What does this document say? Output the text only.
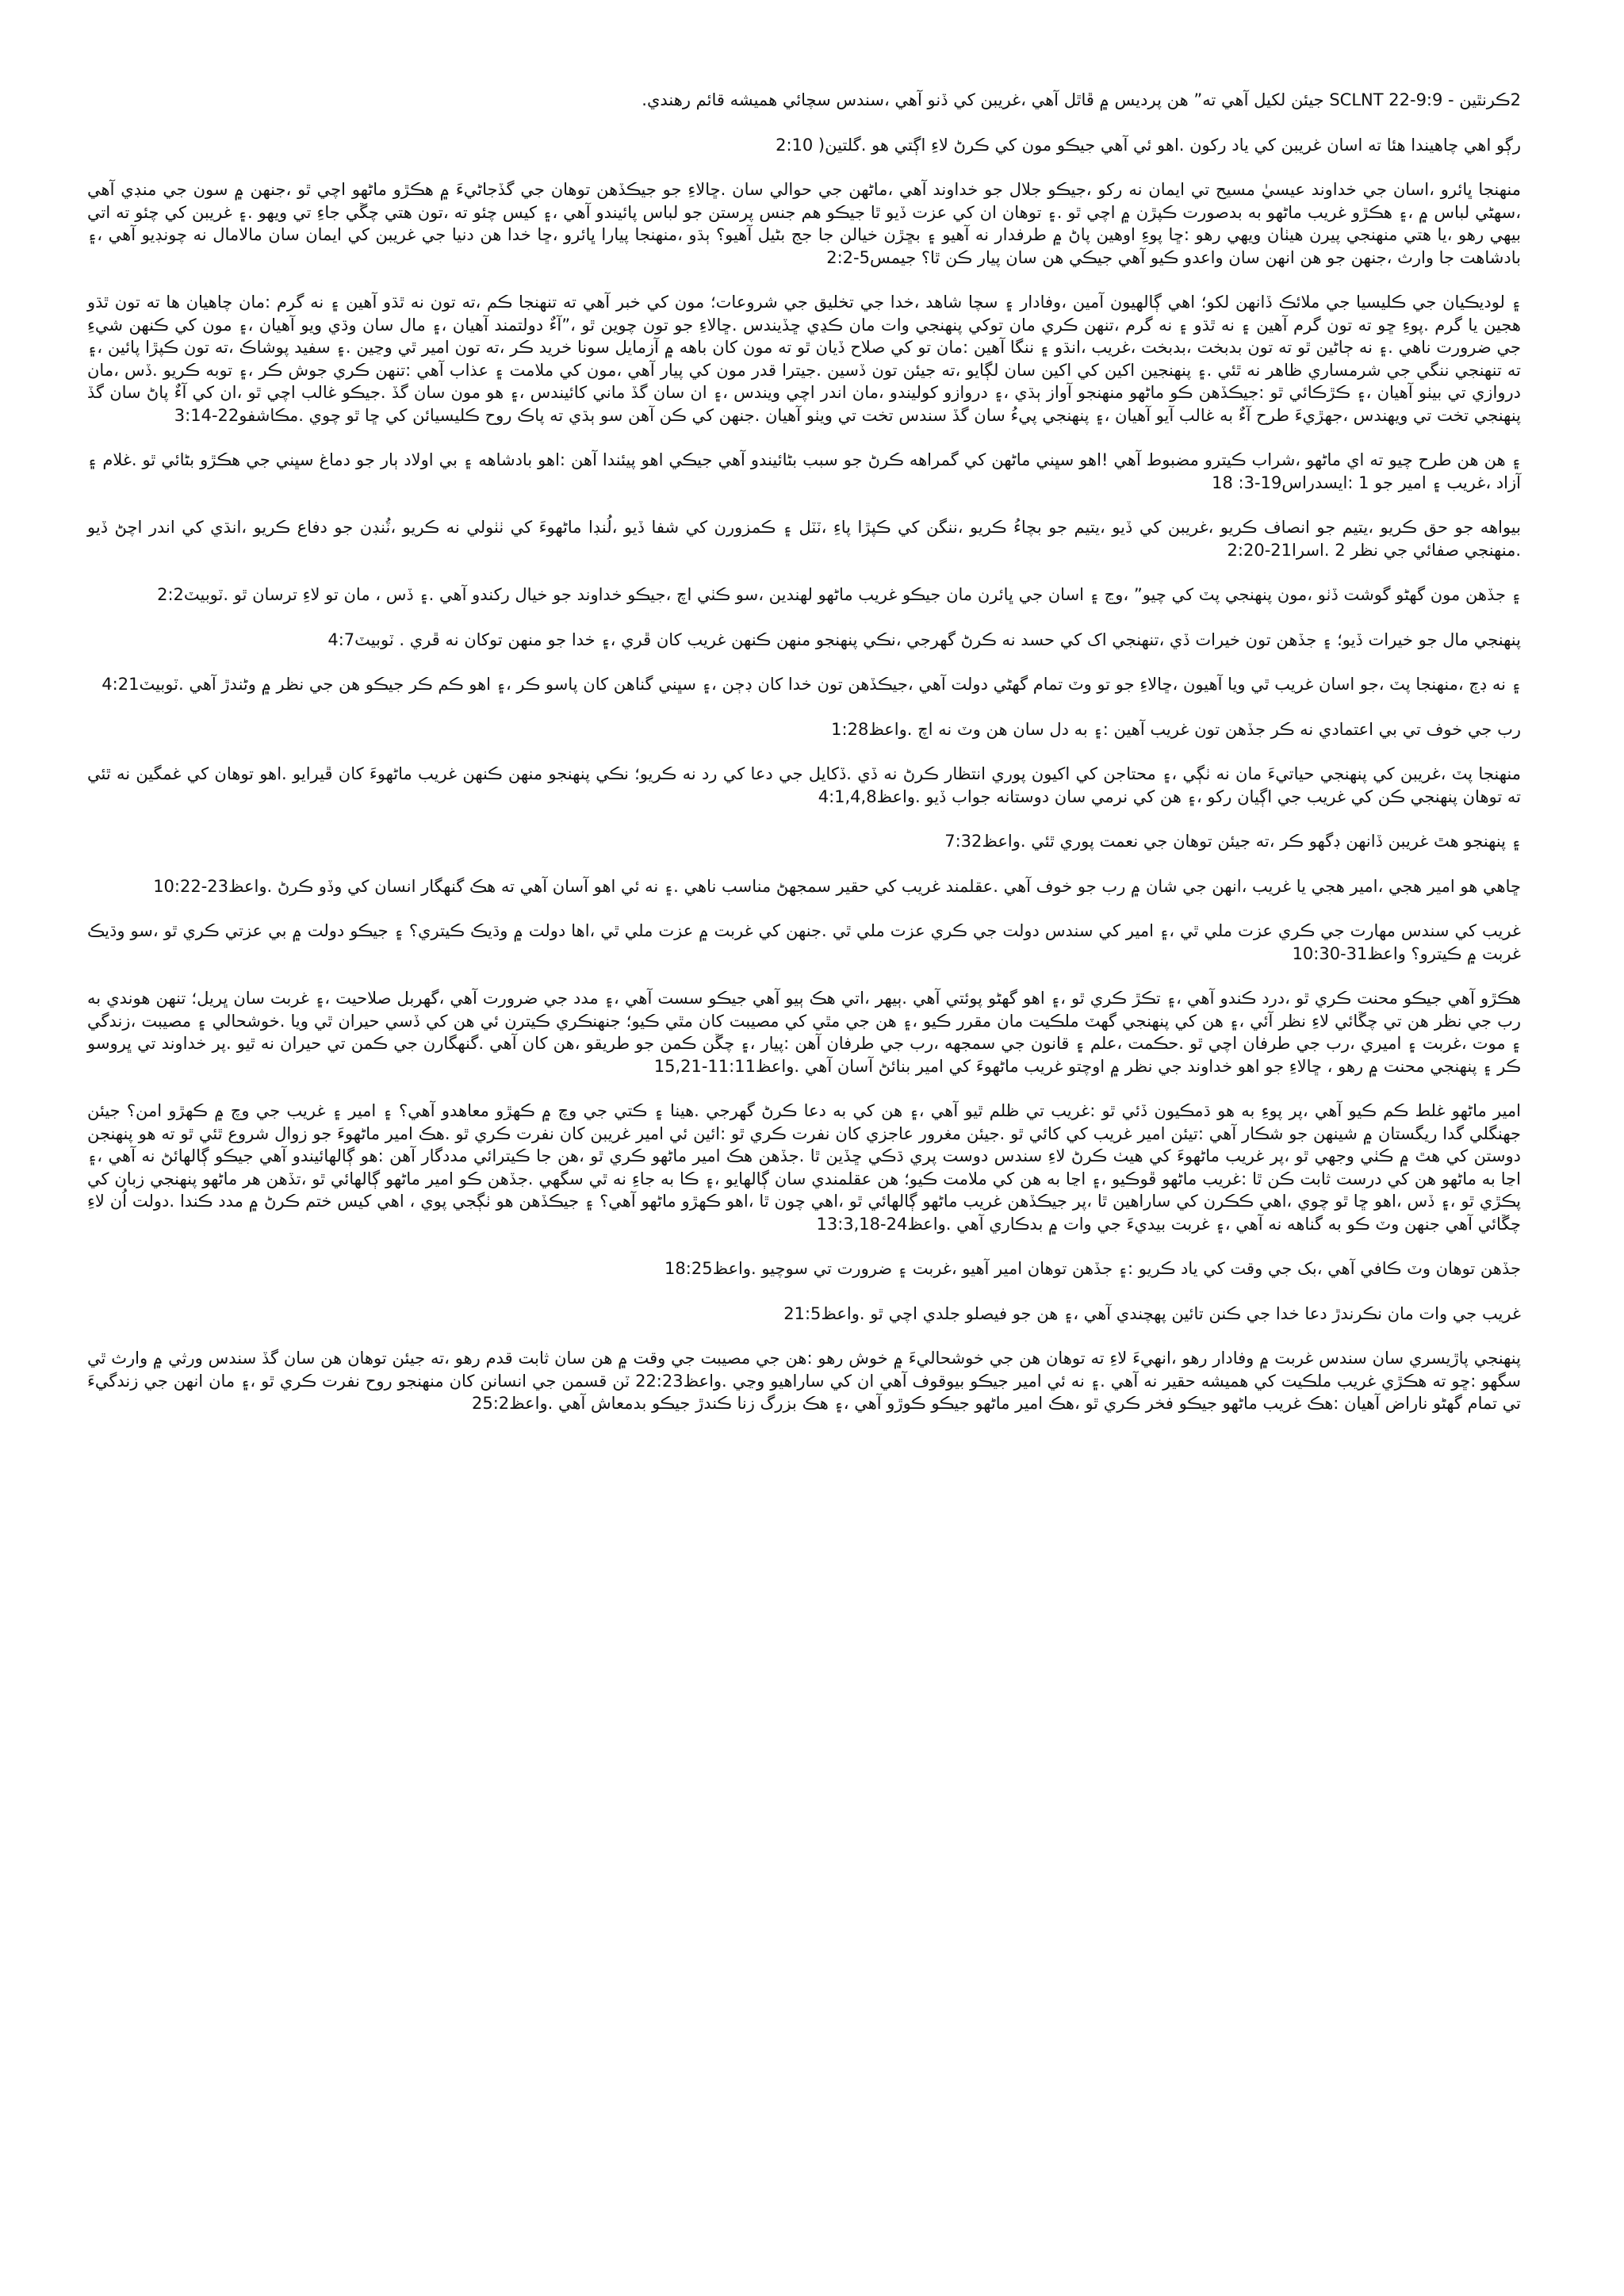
2ڪرنٿين - 9:9-22 SCLNT جيئن لکيل آهي ته” هن پرديس ۾ ڦاٿل آهي ،غريبن کي ڏنو آهي ،سندس سچائي هميشه قائم رهندي.

رڳو اهي چاهيندا هئا ته اسان غريبن کي ياد رکون .اهو ئي آهي جيڪو مون کي ڪرڻ لاءِ اڳتي هو .گلتين( 2:10

منهنجا ڀائرو ،اسان جي خداوند عيسيٰ مسيح تي ايمان نه رکو ،جيڪو جلال جو خداوند آهي ،ماڻهن جي حوالي سان .ڇالاءِ جو جيڪڏهن توهان جي گڏجاڻيءَ ۾ هڪڙو ماڻهو اچي ٿو ،جنهن ۾ سون جي منڊي آهي ،سهڻي لباس ۾ ،۽ هڪڙو غريب ماڻهو به بدصورت ڪپڙن ۾ اچي ٿو .۽ توهان ان کي عزت ڏيو ٿا جيڪو هم جنس پرستن جو لباس پائيندو آهي ،۽ کيس چئو ته ،تون هتي چڱي جاءِ تي ويهو .۽ غريبن کي چئو ته اتي بيهي رهو ،يا هتي منهنجي پيرن هيٺان ويهي رهو :ڇا پوءِ اوهين پاڻ ۾ طرفدار نه آهيو ۽ بڇڙن خيالن جا جج بڻيل آهيو؟ ٻڌو ،منهنجا پيارا ڀائرو ،ڇا خدا هن دنيا جي غريبن کي ايمان سان مالامال نه چونڊيو آهي ،۽ بادشاهت جا وارث ،جنهن جو هن انهن سان واعدو ڪيو آهي جيڪي هن سان پيار ڪن ٿا؟ جيمس5-2:2

۽ لوديڪيان جي ڪليسيا جي ملائڪ ڏانهن لکو؛ اهي ڳالهيون آمين ،وفادار ۽ سچا شاهد ،خدا جي تخليق جي شروعات؛ مون کي خبر آهي ته تنهنجا ڪم ،ته تون نه ٿڌو آهين ۽ نه گرم :مان چاهيان ها ته تون ٿڌو هجين يا گرم .پوءِ ڇو ته تون گرم آهين ۽ نه ٿڌو ۽ نه گرم ،تنهن ڪري مان توکي پنهنجي وات مان ڪڍي ڇڏيندس .ڇالاءِ جو تون چوين ٿو ،”آءٌ دولتمند آهيان ،۽ مال سان وڌي ويو آهيان ،۽ مون کي ڪنهن شيءِ جي ضرورت ناهي .۽ نه ڄاڻين ٿو ته تون بدبخت ،بدبخت ،غريب ،انڌو ۽ ننگا آهين :مان تو کي صلاح ڏيان ٿو ته مون کان باهه ۾ آزمايل سونا خريد ڪر ،ته تون امير ٿي وڃين .۽ سفيد پوشاڪ ،ته تون ڪپڙا پائين ،۽ ته تنهنجي ننگي جي شرمساري ظاهر نه ٿئي .۽ پنهنجين اکين کي اکين سان لڳايو ،ته جيئن تون ڏسين .جيترا قدر مون کي پيار آهي ،مون کي ملامت ۽ عذاب آهي :تنهن ڪري جوش ڪر ،۽ توبه ڪريو .ڏس ،مان دروازي تي بيٺو آهيان ،۽ ڪڙڪائي ٿو :جيڪڏهن ڪو ماڻهو منهنجو آواز ٻڌي ،۽ دروازو کوليندو ،مان اندر اچي ويندس ،۽ ان سان گڏ ماني کائيندس ،۽ هو مون سان گڏ .جيڪو غالب اچي ٿو ،ان کي آءٌ پاڻ سان گڏ پنهنجي تخت تي ويهندس ،جهڙيءَ طرح آءٌ به غالب آيو آهيان ،۽ پنهنجي پيءُ سان گڏ سندس تخت تي ويٺو آهيان .جنهن کي ڪن آهن سو ٻڌي ته پاڪ روح ڪليسيائن کي ڇا ٿو چوي .مڪاشفو22-3:14

۽ هن هن طرح چيو ته اي ماڻهو ،شراب ڪيترو مضبوط آهي !اهو سڀني ماڻهن کي گمراهه ڪرڻ جو سبب بڻائيندو آهي جيڪي اهو پيئندا آهن :اهو بادشاهه ۽ بي اولاد ٻار جو دماغ سڀني جي هڪڙو بڻائي ٿو .غلام ۽ آزاد ،غريب ۽ امير جو 1 :ايسدراس19-3: 18

بيواهه جو حق ڪريو ،يتيم جو انصاف ڪريو ،غريبن کي ڏيو ،يتيم جو بچاءُ ڪريو ،ننگن کي ڪپڙا پاءِ ،ٽٽل ۽ ڪمزورن کي شفا ڏيو ،لُنڊا ماڻهوءَ کي ٺٺولي نه ڪريو ،ٽُنڊن جو دفاع ڪريو ،انڌي کي اندر اچڻ ڏيو .منهنجي صفائي جي نظر 2 .اسرا21-2:20

۽ جڏهن مون گهڻو گوشت ڏٺو ،مون پنهنجي پٽ کي چيو” ،وڃ ۽ اسان جي ڀائرن مان جيڪو غريب ماڻهو لهندين ،سو ڪٺي اچ ،جيڪو خداوند جو خيال رکندو آهي .۽ ڏس ، مان تو لاءِ ترسان ٿو .ٽوبيٽ2:2

پنهنجي مال جو خيرات ڏيو؛ ۽ جڏهن تون خيرات ڏي ،تنهنجي اک کي حسد نه ڪرڻ گهرجي ،نڪي پنهنجو منهن ڪنهن غريب کان ڦري ،۽ خدا جو منهن توکان نه ڦري . ٽوبيٽ4:7

۽ نه ڊڄ ،منهنجا پٽ ،جو اسان غريب ٿي ويا آهيون ،ڇالاءِ جو تو وٽ تمام گهڻي دولت آهي ،جيڪڏهن تون خدا کان ڊڄن ،۽ سڀني گناهن کان پاسو ڪر ،۽ اهو ڪم ڪر جيڪو هن جي نظر ۾ وڻندڙ آهي .ٽوبيٽ4:21

رب جي خوف تي بي اعتمادي نه ڪر جڏهن تون غريب آهين :۽ به دل سان هن وٽ نه اچ .واعظ1:28

منهنجا پٽ ،غريبن کي پنهنجي حياتيءَ مان نه ٺڳي ،۽ محتاجن کي اکيون پوري انتظار ڪرڻ نه ڏي .ڏکايل جي دعا کي رد نه ڪريو؛ نڪي پنهنجو منهن ڪنهن غريب ماڻهوءَ کان ڦيرايو .اهو توهان کي غمگين نه ٿئي ته توهان پنهنجي ڪن کي غريب جي اڳيان رکو ،۽ هن کي نرمي سان دوستانه جواب ڏيو .واعظ4:1,4,8

۽ پنهنجو هٿ غريبن ڏانهن ڊگهو ڪر ،ته جيئن توهان جي نعمت پوري ٿئي .واعظ7:32

ڇاهي هو امير هجي ،امير هجي يا غريب ،انهن جي شان ۾ رب جو خوف آهي .عقلمند غريب کي حقير سمجهڻ مناسب ناهي .۽ نه ئي اهو آسان آهي ته هڪ گنهگار انسان کي وڏو ڪرڻ .واعظ23-10:22

غريب کي سندس مهارت جي ڪري عزت ملي ٿي ،۽ امير کي سندس دولت جي ڪري عزت ملي ٿي .جنهن کي غربت ۾ عزت ملي ٿي ،اها دولت ۾ وڌيڪ ڪيتري؟ ۽ جيڪو دولت ۾ بي عزتي ڪري ٿو ،سو وڌيڪ غربت ۾ ڪيترو؟ واعظ31-10:30

هڪڙو آهي جيڪو محنت ڪري ٿو ،درد ڪندو آهي ،۽ تڪڙ ڪري ٿو ،۽ اهو گهڻو پوئتي آهي .ٻيهر ،اتي هڪ ٻيو آهي جيڪو سست آهي ،۽ مدد جي ضرورت آهي ،گهربل صلاحيت ،۽ غربت سان ڀريل؛ تنهن هوندي به رب جي نظر هن تي چڱائي لاءِ نظر آئي ،۽ هن کي پنهنجي گهٽ ملڪيت مان مقرر ڪيو ،۽ هن جي مٿي کي مصيبت کان مٿي ڪيو؛ جنهنڪري ڪيترن ئي هن کي ڏسي حيران ٿي ويا .خوشحالي ۽ مصيبت ،زندگي ۽ موت ،غربت ۽ اميري ،رب جي طرفان اچي ٿو .حڪمت ،علم ۽ قانون جي سمجهه ،رب جي طرفان آهن :پيار ،۽ چڱن ڪمن جو طريقو ،هن کان آهي .گنهگارن جي ڪمن تي حيران نه ٿيو .پر خداوند تي ڀروسو ڪر ۽ پنهنجي محنت ۾ رهو ، ڇالاءِ جو اهو خداوند جي نظر ۾ اوچتو غريب ماڻهوءَ کي امير بنائڻ آسان آهي .واعظ11:11-15,21

امير ماڻهو غلط ڪم ڪيو آهي ،پر پوءِ به هو ڌمڪيون ڏئي ٿو :غريب تي ظلم ٿيو آهي ،۽ هن کي به دعا ڪرڻ گهرجي .هينا ۽ ڪتي جي وچ ۾ ڪهڙو معاهدو آهي؟ ۽ امير ۽ غريب جي وچ ۾ ڪهڙو امن؟ جيئن جهنگلي گدا ريگستان ۾ شينهن جو شڪار آهي :تيئن امير غريب کي کائي ٿو .جيئن مغرور عاجزي کان نفرت ڪري ٿو :ائين ئي امير غريبن کان نفرت ڪري ٿو .هڪ امير ماڻهوءَ جو زوال شروع ٿئي ٿو ته هو پنهنجن دوستن کي هٿ ۾ ڪٺي وجهي ٿو ،پر غريب ماڻهوءَ کي هيٺ ڪرڻ لاءِ سندس دوست پري ڌڪي ڇڏين ٿا .جڏهن هڪ امير ماڻهو ڪري ٿو ،هن جا ڪيترائي مددگار آهن :هو ڳالهائيندو آهي جيڪو ڳالهائڻ نه آهي ،۽ اڃا به ماڻهو هن کي درست ثابت ڪن ٿا :غريب ماڻهو ڦوڪيو ،۽ اڃا به هن کي ملامت ڪيو؛ هن عقلمندي سان ڳالهايو ،۽ ڪا به جاءِ نه ٿي سگهي .جڏهن ڪو امير ماڻهو ڳالهائي ٿو ،تڏهن هر ماڻهو پنهنجي زبان کي پڪڙي ٿو ،۽ ڏس ،اهو ڇا ٿو چوي ،اهي ڪڪرن کي ساراهين ٿا ،پر جيڪڏهن غريب ماڻهو ڳالهائي ٿو ،اهي چون ٿا ،اهو ڪهڙو ماڻهو آهي؟ ۽ جيڪڏهن هو ٺڳجي پوي ، اهي کيس ختم ڪرڻ ۾ مدد ڪندا .دولت اُن لاءِ چڱائي آهي جنهن وٽ ڪو به گناهه نه آهي ،۽ غربت بيديءَ جي وات ۾ بدڪاري آهي .واعظ24-13:3,18

جڏهن توهان وٽ ڪافي آهي ،بک جي وقت کي ياد ڪريو :۽ جڏهن توهان امير آهيو ،غربت ۽ ضرورت تي سوچيو .واعظ18:25

غريب جي وات مان نڪرندڙ دعا خدا جي ڪنن تائين پهچندي آهي ،۽ هن جو فيصلو جلدي اچي ٿو .واعظ21:5

پنهنجي پاڙيسري سان سندس غربت ۾ وفادار رهو ،انهيءَ لاءِ ته توهان هن جي خوشحاليءَ ۾ خوش رهو :هن جي مصيبت جي وقت ۾ هن سان ثابت قدم رهو ،ته جيئن توهان هن سان گڏ سندس ورثي ۾ وارث ٿي سگهو :ڇو ته هڪڙي غريب ملڪيت کي هميشه حقير نه آهي .۽ نه ئي امير جيڪو بيوقوف آهي ان کي ساراهيو وڃي .واعظ22:23 ٽن قسمن جي انسانن کان منهنجو روح نفرت ڪري ٿو ،۽ مان انهن جي زندگيءَ تي تمام گهڻو ناراض آهيان :هڪ غريب ماڻهو جيڪو فخر ڪري ٿو ،هڪ امير ماڻهو جيڪو ڪوڙو آهي ،۽ هڪ بزرگ زنا ڪندڙ جيڪو بدمعاش آهي .واعظ25:2
